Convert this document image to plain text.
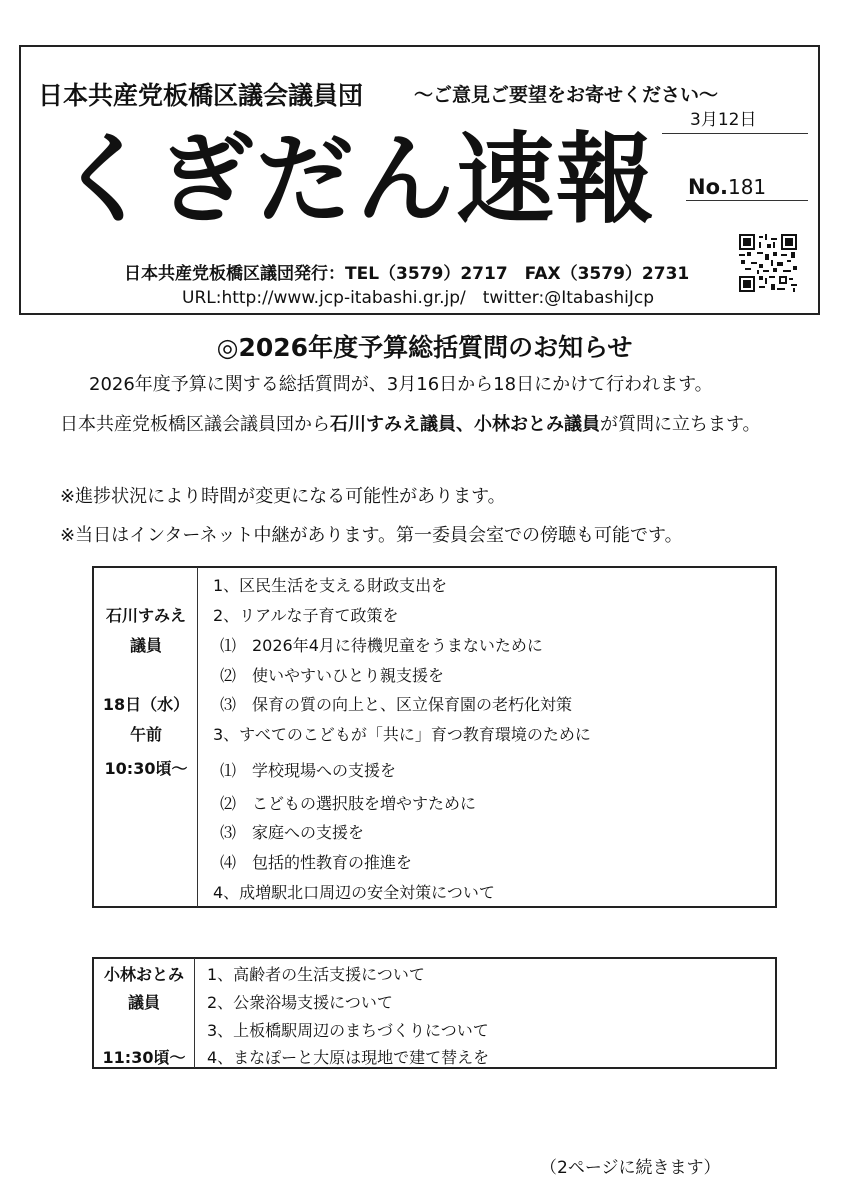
日本共産党板橋区議会議員団	〜ご意見ご要望をお寄せください〜
3月12日
くぎだん速報 No.181
日本共産党板橋区議団発行：TEL（3579）2717　FAX（3579）2731
URL:http://www.jcp-itabashi.gr.jp/　twitter:@ItabashiJcp
◎2026年度予算総括質問のお知らせ
2026年度予算に関する総括質問が、3月16日から18日にかけて行われます。
日本共産党板橋区議会議員団から石川すみえ議員、小林おとみ議員が質問に立ちます。
※進捗状況により時間が変更になる可能性があります。
※当日はインターネット中継があります。第一委員会室での傍聴も可能です。
石川すみえ
議員
18日（水）
午前
10:30頃〜
1、区民生活を支える財政支出を
2、リアルな子育て政策を
⑴　2026年4月に待機児童をうまないために
⑵　使いやすいひとり親支援を
⑶　保育の質の向上と、区立保育園の老朽化対策
3、すべてのこどもが「共に」育つ教育環境のために
⑴　学校現場への支援を
⑵　こどもの選択肢を増やすために
⑶　家庭への支援を
⑷　包括的性教育の推進を
4、成増駅北口周辺の安全対策について
小林おとみ
議員
11:30頃〜
1、高齢者の生活支援について
2、公衆浴場支援について
3、上板橋駅周辺のまちづくりについて
4、まなぽーと大原は現地で建て替えを
（2ページに続きます）
